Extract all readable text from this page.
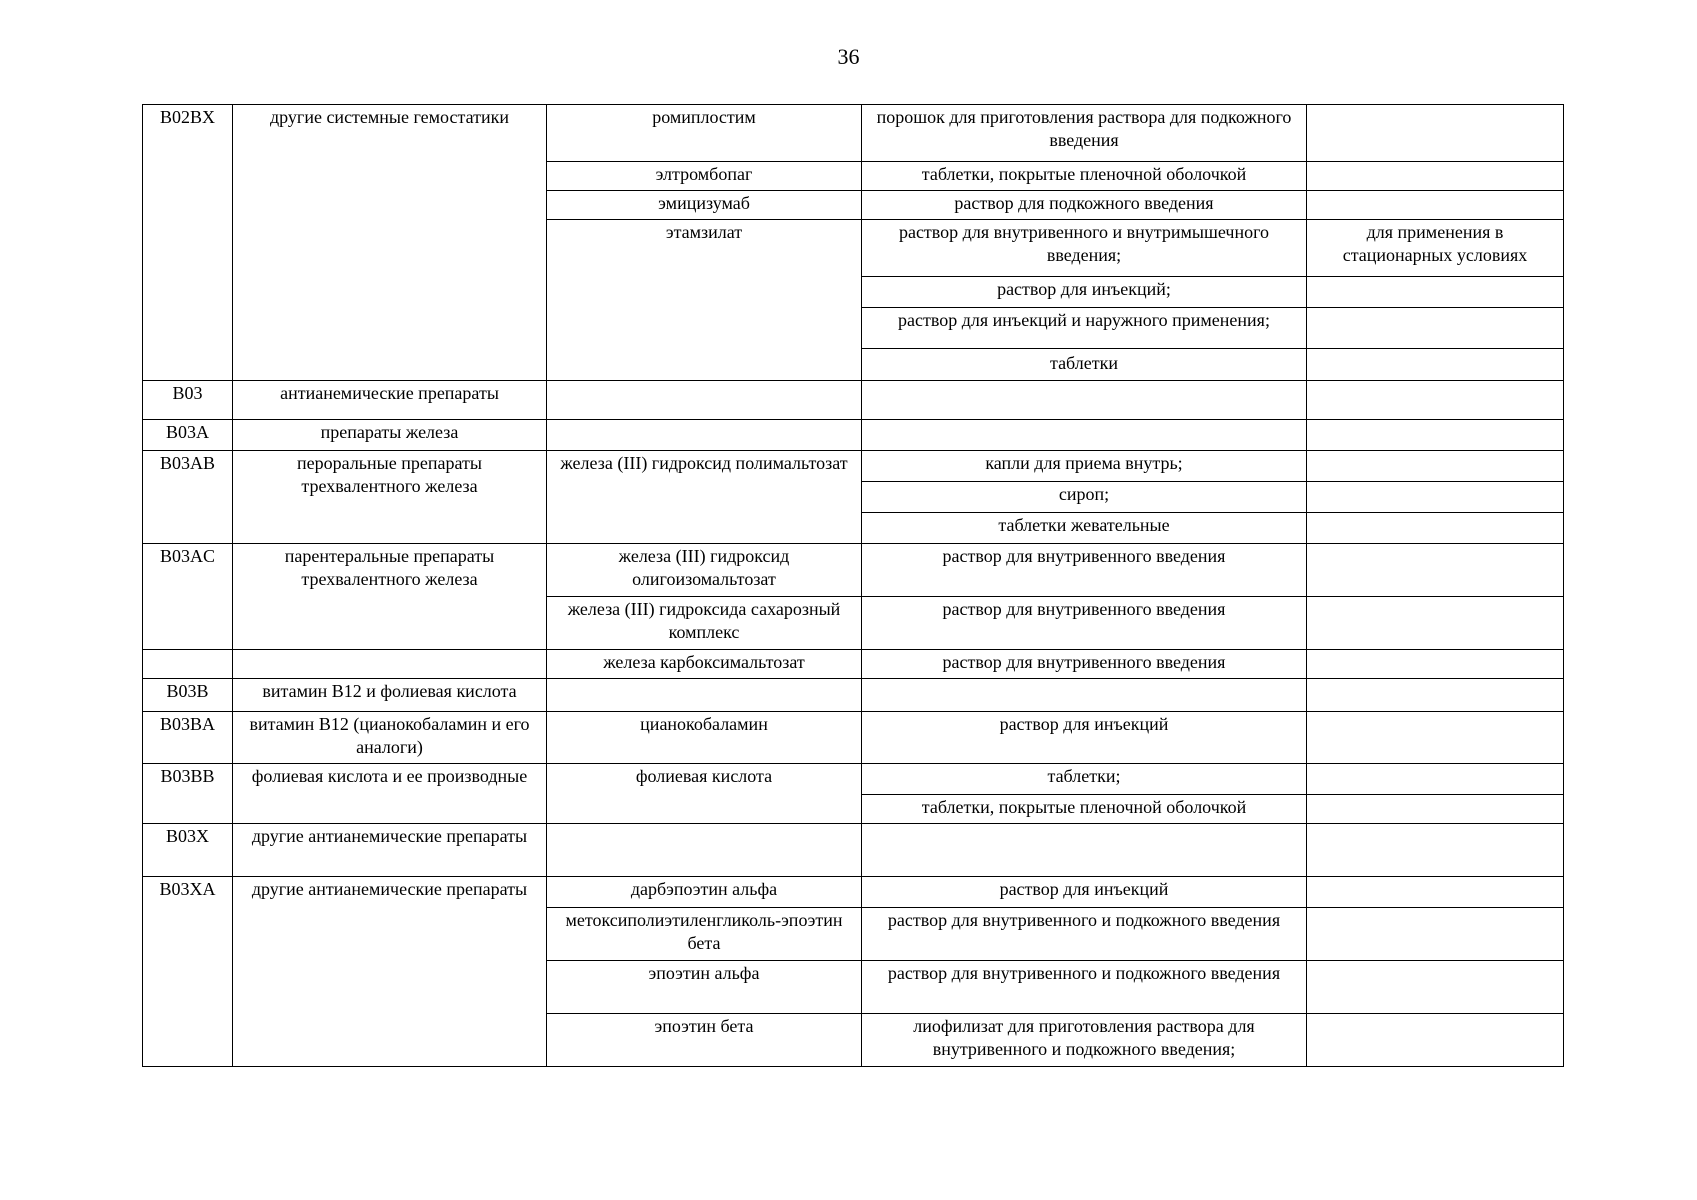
36
B02BX	другие системные гемостатики	ромиплостим	порошок для приготовления раствора для подкожного введения	
		элтромбопаг	таблетки, покрытые пленочной оболочкой	
		эмицизумаб	раствор для подкожного введения	
		этамзилат	раствор для внутривенного и внутримышечного введения;	для применения в стационарных условиях
			раствор для инъекций;	
			раствор для инъекций и наружного применения;	
			таблетки	
B03	антианемические препараты			
B03A	препараты железа			
B03AB	пероральные препараты трехвалентного железа	железа (III) гидроксид полимальтозат	капли для приема внутрь;	
			сироп;	
			таблетки жевательные	
B03AC	парентеральные препараты трехвалентного железа	железа (III) гидроксид олигоизомальтозат	раствор для внутривенного введения	
		железа (III) гидроксида сахарозный комплекс	раствор для внутривенного введения	
		железа карбоксимальтозат	раствор для внутривенного введения	
B03B	витамин B12 и фолиевая кислота			
B03BA	витамин B12 (цианокобаламин и его аналоги)	цианокобаламин	раствор для инъекций	
B03BB	фолиевая кислота и ее производные	фолиевая кислота	таблетки;	
			таблетки, покрытые пленочной оболочкой	
B03X	другие антианемические препараты			
B03XA	другие антианемические препараты	дарбэпоэтин альфа	раствор для инъекций	
		метоксиполиэтиленгликоль-эпоэтин бета	раствор для внутривенного и подкожного введения	
		эпоэтин альфа	раствор для внутривенного и подкожного введения	
		эпоэтин бета	лиофилизат для приготовления раствора для внутривенного и подкожного введения;	
